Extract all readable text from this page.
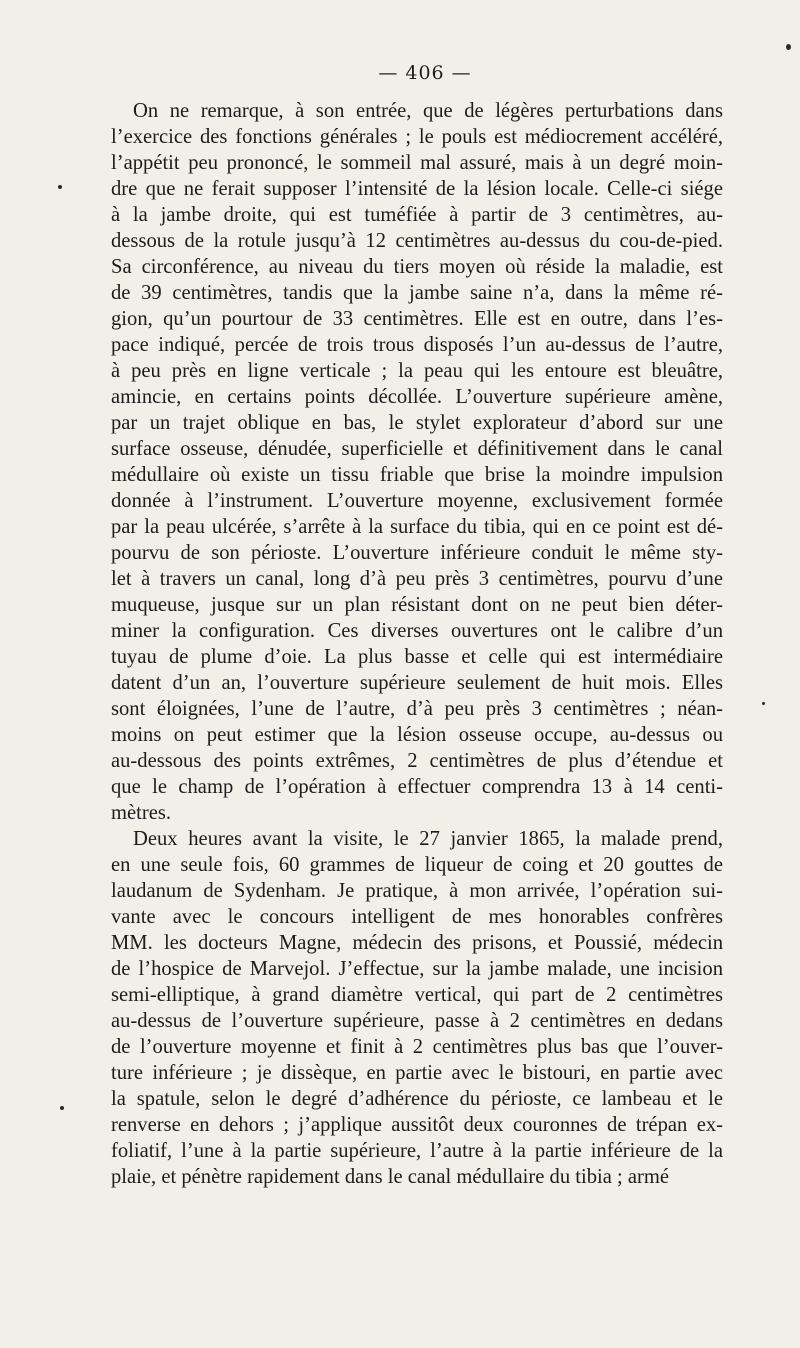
— 406 —

On ne remarque, à son entrée, que de légères perturbations dans
l’exercice des fonctions générales ; le pouls est médiocrement accéléré,
l’appétit peu prononcé, le sommeil mal assuré, mais à un degré moin-
dre que ne ferait supposer l’intensité de la lésion locale. Celle-ci siége
à la jambe droite, qui est tuméfiée à partir de 3 centimètres, au-
dessous de la rotule jusqu’à 12 centimètres au-dessus du cou-de-pied.
Sa circonférence, au niveau du tiers moyen où réside la maladie, est
de 39 centimètres, tandis que la jambe saine n’a, dans la même ré-
gion, qu’un pourtour de 33 centimètres. Elle est en outre, dans l’es-
pace indiqué, percée de trois trous disposés l’un au-dessus de l’autre,
à peu près en ligne verticale ; la peau qui les entoure est bleuâtre,
amincie, en certains points décollée. L’ouverture supérieure amène,
par un trajet oblique en bas, le stylet explorateur d’abord sur une
surface osseuse, dénudée, superficielle et définitivement dans le canal
médullaire où existe un tissu friable que brise la moindre impulsion
donnée à l’instrument. L’ouverture moyenne, exclusivement formée
par la peau ulcérée, s’arrête à la surface du tibia, qui en ce point est dé-
pourvu de son périoste. L’ouverture inférieure conduit le même sty-
let à travers un canal, long d’à peu près 3 centimètres, pourvu d’une
muqueuse, jusque sur un plan résistant dont on ne peut bien déter-
miner la configuration. Ces diverses ouvertures ont le calibre d’un
tuyau de plume d’oie. La plus basse et celle qui est intermédiaire
datent d’un an, l’ouverture supérieure seulement de huit mois. Elles
sont éloignées, l’une de l’autre, d’à peu près 3 centimètres ; néan-
moins on peut estimer que la lésion osseuse occupe, au-dessus ou
au-dessous des points extrêmes, 2 centimètres de plus d’étendue et
que le champ de l’opération à effectuer comprendra 13 à 14 centi-
mètres.

Deux heures avant la visite, le 27 janvier 1865, la malade prend,
en une seule fois, 60 grammes de liqueur de coing et 20 gouttes de
laudanum de Sydenham. Je pratique, à mon arrivée, l’opération sui-
vante avec le concours intelligent de mes honorables confrères
MM. les docteurs Magne, médecin des prisons, et Poussié, médecin
de l’hospice de Marvejol. J’effectue, sur la jambe malade, une incision
semi-elliptique, à grand diamètre vertical, qui part de 2 centimètres
au-dessus de l’ouverture supérieure, passe à 2 centimètres en dedans
de l’ouverture moyenne et finit à 2 centimètres plus bas que l’ouver-
ture inférieure ; je dissèque, en partie avec le bistouri, en partie avec
la spatule, selon le degré d’adhérence du périoste, ce lambeau et le
renverse en dehors ; j’applique aussitôt deux couronnes de trépan ex-
foliatif, l’une à la partie supérieure, l’autre à la partie inférieure de la
plaie, et pénètre rapidement dans le canal médullaire du tibia ; armé
